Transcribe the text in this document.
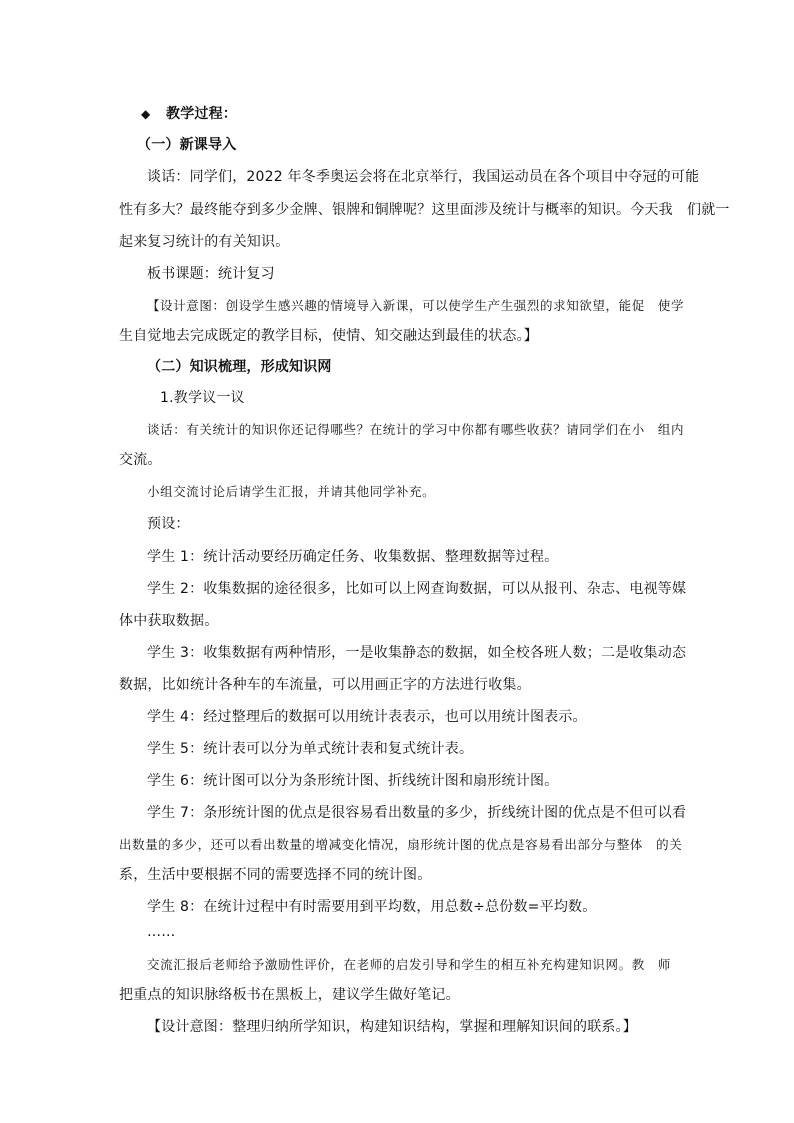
◆ 教学过程：
（一）新课导入
谈话：同学们，2022 年冬季奥运会将在北京举行，我国运动员在各个项目中夺冠的可能
性有多大？最终能夺到多少金牌、银牌和铜牌呢？这里面涉及统计与概率的知识。今天我　们就一
起来复习统计的有关知识。
板书课题：统计复习
【设计意图：创设学生感兴趣的情境导入新课，可以使学生产生强烈的求知欲望，能促　使学
生自觉地去完成既定的教学目标，使情、知交融达到最佳的状态。】
（二）知识梳理，形成知识网
1.教学议一议
谈话：有关统计的知识你还记得哪些？在统计的学习中你都有哪些收获？请同学们在小　组内
交流。
小组交流讨论后请学生汇报，并请其他同学补充。
预设：
学生 1：统计活动要经历确定任务、收集数据、整理数据等过程。
学生 2：收集数据的途径很多，比如可以上网查询数据，可以从报刊、杂志、电视等媒
体中获取数据。
学生 3：收集数据有两种情形，一是收集静态的数据，如全校各班人数；二是收集动态
数据，比如统计各种车的车流量，可以用画正字的方法进行收集。
学生 4：经过整理后的数据可以用统计表表示，也可以用统计图表示。
学生 5：统计表可以分为单式统计表和复式统计表。
学生 6：统计图可以分为条形统计图、折线统计图和扇形统计图。
学生 7：条形统计图的优点是很容易看出数量的多少，折线统计图的优点是不但可以看
出数量的多少，还可以看出数量的增减变化情况，扇形统计图的优点是容易看出部分与整体　的关
系，生活中要根据不同的需要选择不同的统计图。
学生 8：在统计过程中有时需要用到平均数，用总数÷总份数=平均数。
……
交流汇报后老师给予激励性评价，在老师的启发引导和学生的相互补充构建知识网。教　师
把重点的知识脉络板书在黑板上，建议学生做好笔记。
【设计意图：整理归纳所学知识，构建知识结构，掌握和理解知识间的联系。】
